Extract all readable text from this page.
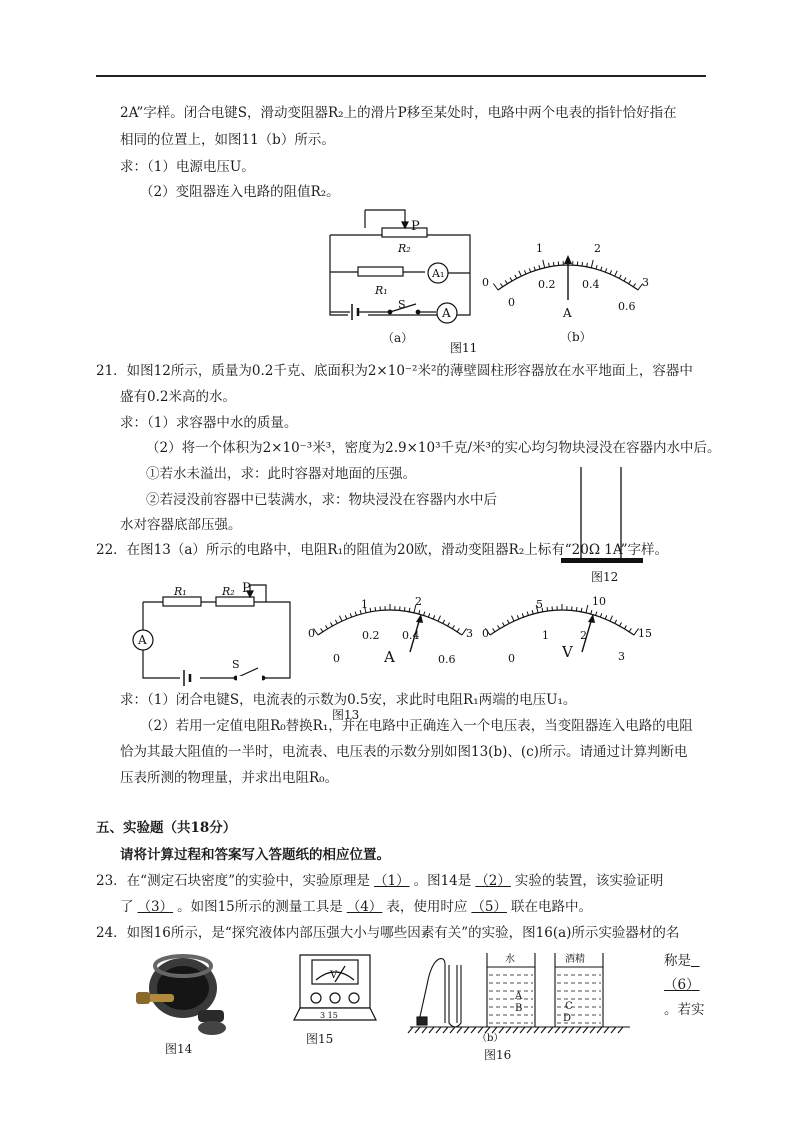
2A”字样。闭合电键S，滑动变阻器R₂上的滑片P移至某处时，电路中两个电表的指针恰好指在
相同的位置上，如图11（b）所示。
求：（1）电源电压U。
（2）变阻器连入电路的阻值R₂。
P
R₂
R₁
A₁
S
A
（a）
图11
0
1	2
3
0
0.2 0.4
0.6
A
（b）
21．如图12所示，质量为0.2千克、底面积为2×10⁻²米²的薄壁圆柱形容器放在水平地面上，容器中
盛有0.2米高的水。
求：（1）求容器中水的质量。
（2）将一个体积为2×10⁻³米³，密度为2.9×10³千克/米³的实心均匀物块浸没在容器内水中后。
①若水未溢出，求：此时容器对地面的压强。
②若浸没前容器中已装满水，求：物块浸没在容器内水中后
水对容器底部压强。
图12
22．在图13（a）所示的电路中，电阻R₁的阻值为20欧，滑动变阻器R₂上标有“20Ω 1A”字样。
R₁	R₂ P
A
S
0
1	2
3
0
0.2 0.4
0.6
A
0
5	10
15
0
1	2
3
V
图13
求：（1）闭合电键S，电流表的示数为0.5安，求此时电阻R₁两端的电压U₁。
（2）若用一定值电阻R₀替换R₁，并在电路中正确连入一个电压表，当变阻器连入电路的电阻
恰为其最大阻值的一半时，电流表、电压表的示数分别如图13(b)、(c)所示。请通过计算判断电
压表所测的物理量，并求出电阻R₀。
五、实验题（共18分）
请将计算过程和答案写入答题纸的相应位置。
23．在“测定石块密度”的实验中，实验原理是 （1） 。图14是 （2） 实验的装置，该实验证明
了 （3） 。如图15所示的测量工具是 （4） 表，使用时应 （5） 联在电路中。
24．如图16所示，是“探究液体内部压强大小与哪些因素有关”的实验，图16(a)所示实验器材的名
称是
（6）
。若实
图14
V
3 15
图15
水	酒精
A
B	C
D
（b）
图16
